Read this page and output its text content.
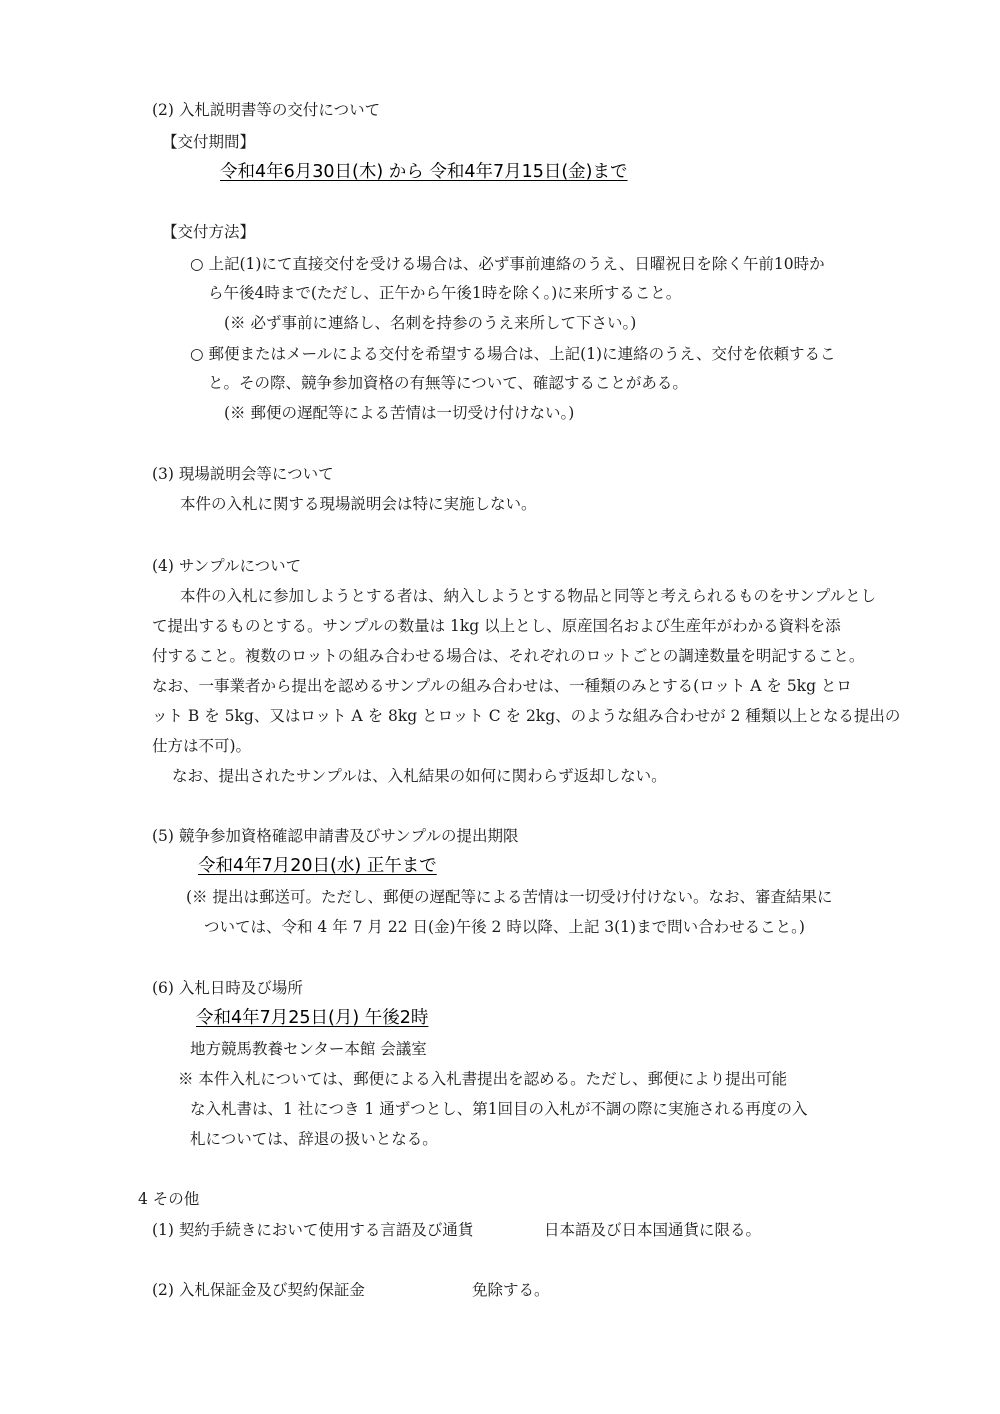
(2) 入札説明書等の交付について
【交付期間】
令和4年6月30日(木) から 令和4年7月15日(金)まで
【交付方法】
○ 上記(1)にて直接交付を受ける場合は、必ず事前連絡のうえ、日曜祝日を除く午前10時か
ら午後4時まで(ただし、正午から午後1時を除く。)に来所すること。
(※ 必ず事前に連絡し、名刺を持参のうえ来所して下さい。)
○ 郵便またはメールによる交付を希望する場合は、上記(1)に連絡のうえ、交付を依頼するこ
と。その際、競争参加資格の有無等について、確認することがある。
(※ 郵便の遅配等による苦情は一切受け付けない。)
(3) 現場説明会等について
本件の入札に関する現場説明会は特に実施しない。
(4) サンプルについて
本件の入札に参加しようとする者は、納入しようとする物品と同等と考えられるものをサンプルとし
て提出するものとする。サンプルの数量は 1kg 以上とし、原産国名および生産年がわかる資料を添
付すること。複数のロットの組み合わせる場合は、それぞれのロットごとの調達数量を明記すること。
なお、一事業者から提出を認めるサンプルの組み合わせは、一種類のみとする(ロット A を 5kg とロ
ット B を 5kg、又はロット A を 8kg とロット C を 2kg、のような組み合わせが 2 種類以上となる提出の
仕方は不可)。
なお、提出されたサンプルは、入札結果の如何に関わらず返却しない。
(5) 競争参加資格確認申請書及びサンプルの提出期限
令和4年7月20日(水) 正午まで
(※ 提出は郵送可。ただし、郵便の遅配等による苦情は一切受け付けない。なお、審査結果に
ついては、令和 4 年 7 月 22 日(金)午後 2 時以降、上記 3(1)まで問い合わせること。)
(6) 入札日時及び場所
令和4年7月25日(月) 午後2時
地方競馬教養センター本館 会議室
※ 本件入札については、郵便による入札書提出を認める。ただし、郵便により提出可能
な入札書は、1 社につき 1 通ずつとし、第1回目の入札が不調の際に実施される再度の入
札については、辞退の扱いとなる。
4 その他
(1) 契約手続きにおいて使用する言語及び通貨	日本語及び日本国通貨に限る。
(2) 入札保証金及び契約保証金	免除する。
